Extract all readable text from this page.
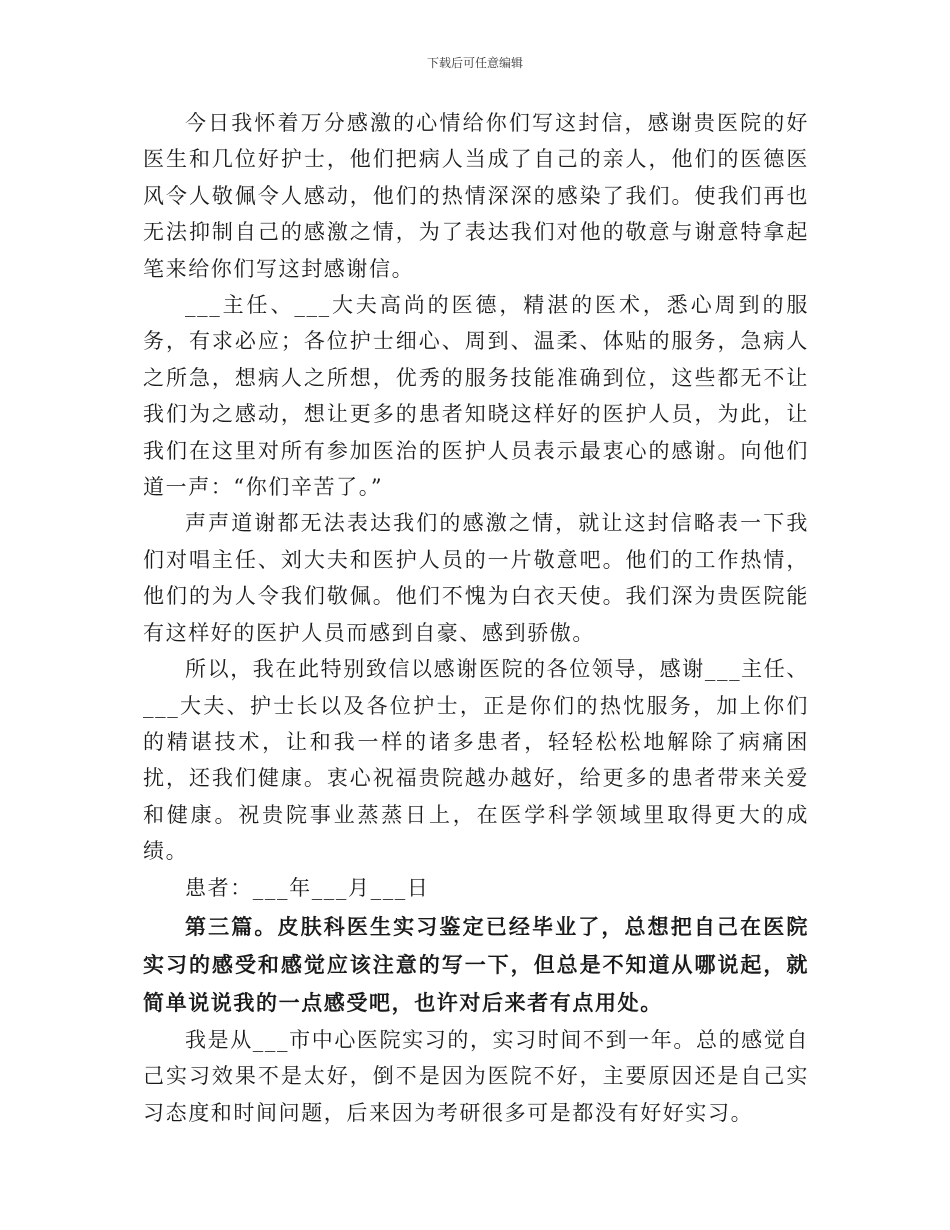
下载后可任意编辑

今日我怀着万分感激的心情给你们写这封信，感谢贵医院的好医生和几位好护士，他们把病人当成了自己的亲人，他们的医德医风令人敬佩令人感动，他们的热情深深的感染了我们。使我们再也无法抑制自己的感激之情，为了表达我们对他的敬意与谢意特拿起笔来给你们写这封感谢信。

___主任、___大夫高尚的医德，精湛的医术，悉心周到的服务，有求必应；各位护士细心、周到、温柔、体贴的服务，急病人之所急，想病人之所想，优秀的服务技能准确到位，这些都无不让我们为之感动，想让更多的患者知晓这样好的医护人员，为此，让我们在这里对所有参加医治的医护人员表示最衷心的感谢。向他们道一声：“你们辛苦了。”

声声道谢都无法表达我们的感激之情，就让这封信略表一下我们对唱主任、刘大夫和医护人员的一片敬意吧。他们的工作热情，他们的为人令我们敬佩。他们不愧为白衣天使。我们深为贵医院能有这样好的医护人员而感到自豪、感到骄傲。

所以，我在此特别致信以感谢医院的各位领导，感谢___主任、___大夫、护士长以及各位护士，正是你们的热忱服务，加上你们的精谌技术，让和我一样的诸多患者，轻轻松松地解除了病痛困扰，还我们健康。衷心祝福贵院越办越好，给更多的患者带来关爱和健康。祝贵院事业蒸蒸日上，在医学科学领域里取得更大的成绩。

患者：___年___月___日

第三篇。皮肤科医生实习鉴定已经毕业了，总想把自己在医院实习的感受和感觉应该注意的写一下，但总是不知道从哪说起，就简单说说我的一点感受吧，也许对后来者有点用处。

我是从___市中心医院实习的，实习时间不到一年。总的感觉自己实习效果不是太好，倒不是因为医院不好，主要原因还是自己实习态度和时间问题，后来因为考研很多可是都没有好好实习。
